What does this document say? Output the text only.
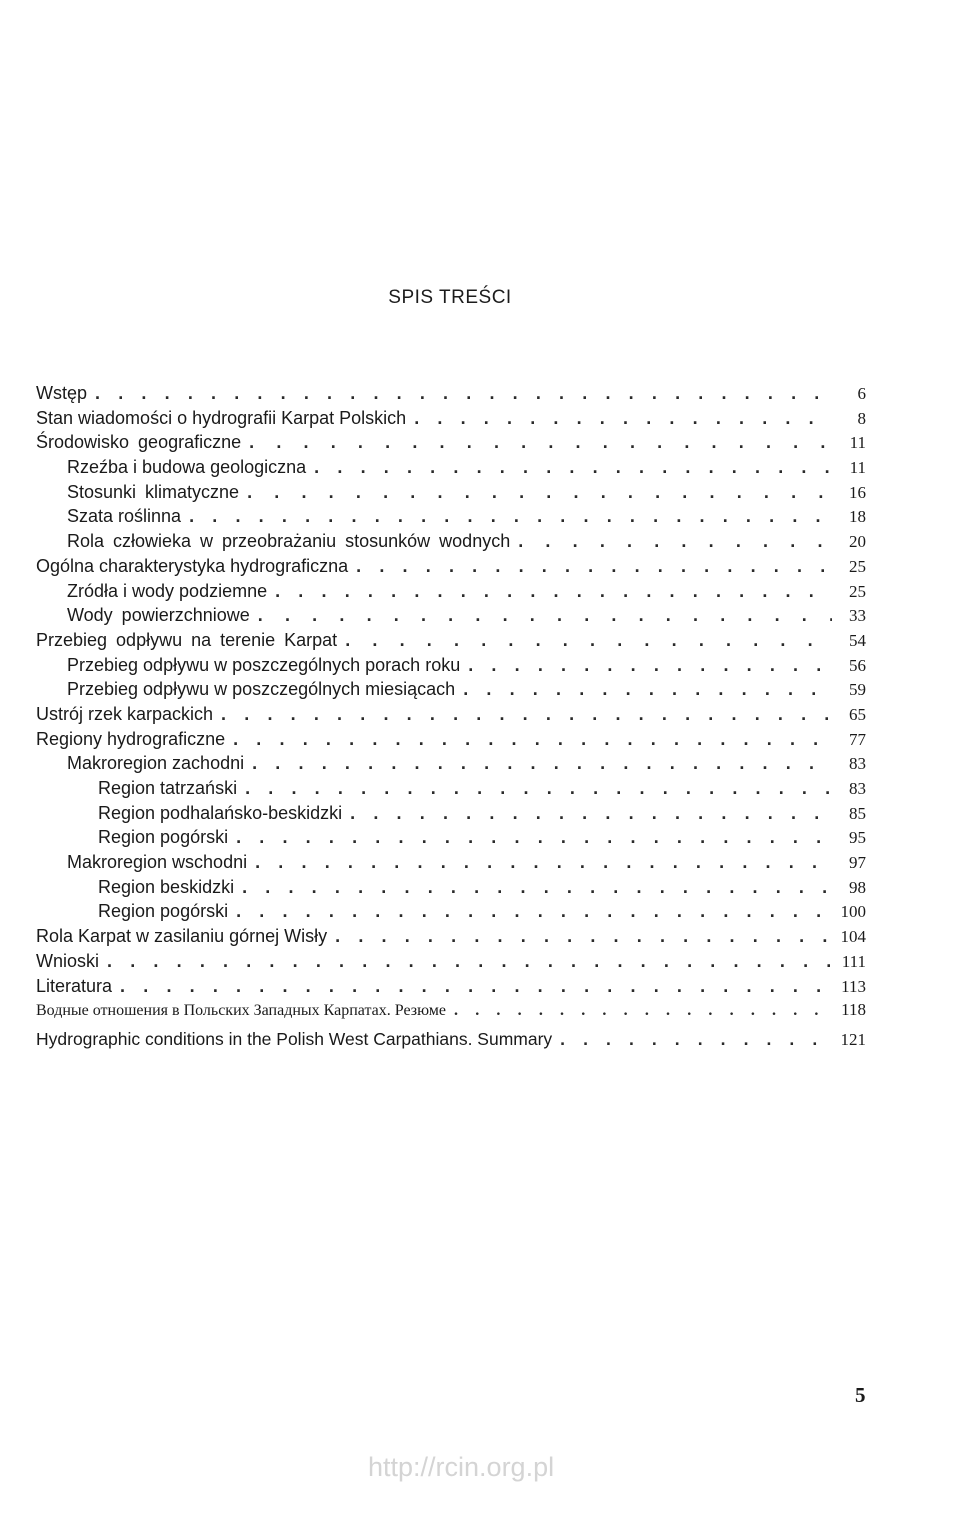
SPIS TREŚCI
Wstęp . . .	6
Stan wiadomości o hydrografii Karpat Polskich . . .	8
Środowisko geograficzne . . .	11
Rzeźba i budowa geologiczna . . .	11
Stosunki klimatyczne . . .	16
Szata roślinna . . .	18
Rola człowieka w przeobrażaniu stosunków wodnych . . .	20
Ogólna charakterystyka hydrograficzna . . .	25
Zródła i wody podziemne . . .	25
Wody powierzchniowe . . .	33
Przebieg odpływu na terenie Karpat . . .	54
Przebieg odpływu w poszczególnych porach roku . . .	56
Przebieg odpływu w poszczególnych miesiącach . . .	59
Ustrój rzek karpackich . . .	65
Regiony hydrograficzne . . .	77
Makroregion zachodni . . .	83
Region tatrzański . . .	83
Region podhalańsko-beskidzki . . .	85
Region pogórski . . .	95
Makroregion wschodni . . .	97
Region beskidzki . . .	98
Region pogórski . . .	100
Rola Karpat w zasilaniu górnej Wisły . . .	104
Wnioski . . .	111
Literatura . . .	113
Водные отношения в Польских Западных Карпатах. Резюме . . .	118
Hydrographic conditions in the Polish West Carpathians. Summary . . .	121
5
http://rcin.org.pl
